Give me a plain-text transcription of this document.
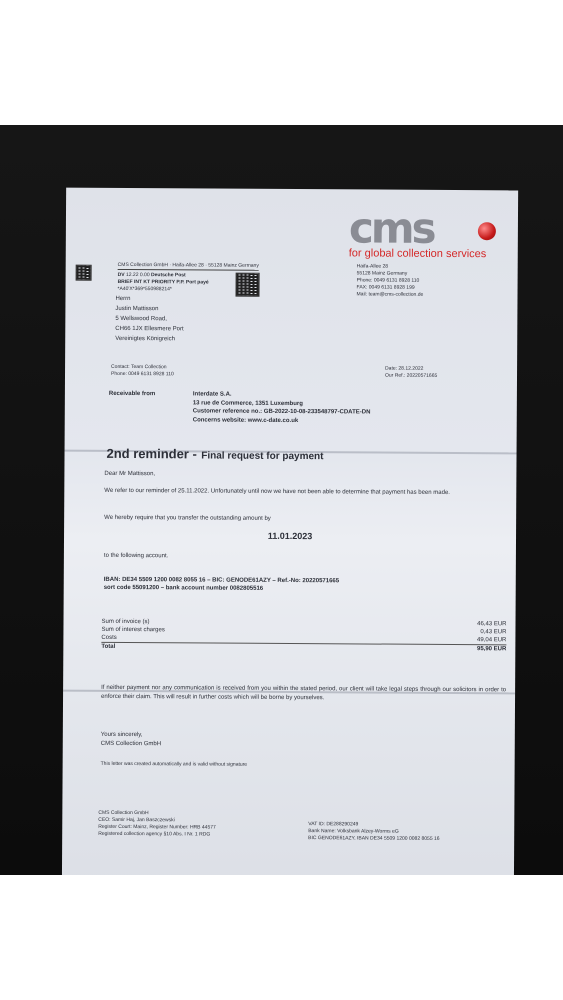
cms
for global collection services
Haifa-Allee 28
55128 Mainz Germany
Phone: 0049 6131 8928 110
FAX: 0049 6131 8928 199
Mail: team@cms-collection.de
CMS Collection GmbH · Haifa-Allee 28 · 55128 Mainz Germany
DV 12.22 0.00 Deutsche Post
BRIEF INT KT PRIORITY P.P. Port payé
*A40'X*369*550988214*
Herrn
Justin Mattisson
5 Wellswood Road,
CH66 1JX Ellesmere Port
Vereinigtes Königreich
Contact: Team Collection
Phone: 0049 6131 8928 110
Date: 28.12.2022
Our Ref.: 20220571665
Receivable from	Interdate S.A.
13 rue de Commerce, 1351 Luxemburg
Customer reference no.: GB-2022-10-08-233548797-CDATE-DN
Concerns website: www.c-date.co.uk
2nd reminder - Final request for payment
Dear Mr Mattisson,
We refer to our reminder of 25.11.2022. Unfortunately until now we have not been able to determine that payment has been made.
We hereby require that you transfer the outstanding amount by
11.01.2023
to the following account.
IBAN: DE34 5509 1200 0082 8055 16 – BIC: GENODE61AZY – Ref.-No: 20220571665
sort code 55091200 – bank account number 0082805516
Sum of invoice (s)	46,43 EUR
Sum of interest charges	0,43 EUR
Costs	49,04 EUR
Total	95,90 EUR
If neither payment nor any communication is received from you within the stated period, our client will take legal steps through our solicitors in order to enforce their claim. This will result in further costs which will be borne by yourselves.
Yours sincerely,
CMS Collection GmbH
This letter was created automatically and is valid without signature
CMS Collection GmbH
CEO: Samir Haj, Jan Baszczewski
Register Court: Mainz, Register Number: HRB 44577
Registered collection agency §10 Abs. I Nr. 1 RDG
VAT ID: DE288290249
Bank Name: Volksbank Alzey-Worms eG
BIC GENODE61AZY, IBAN DE34 5509 1200 0082 8055 16
